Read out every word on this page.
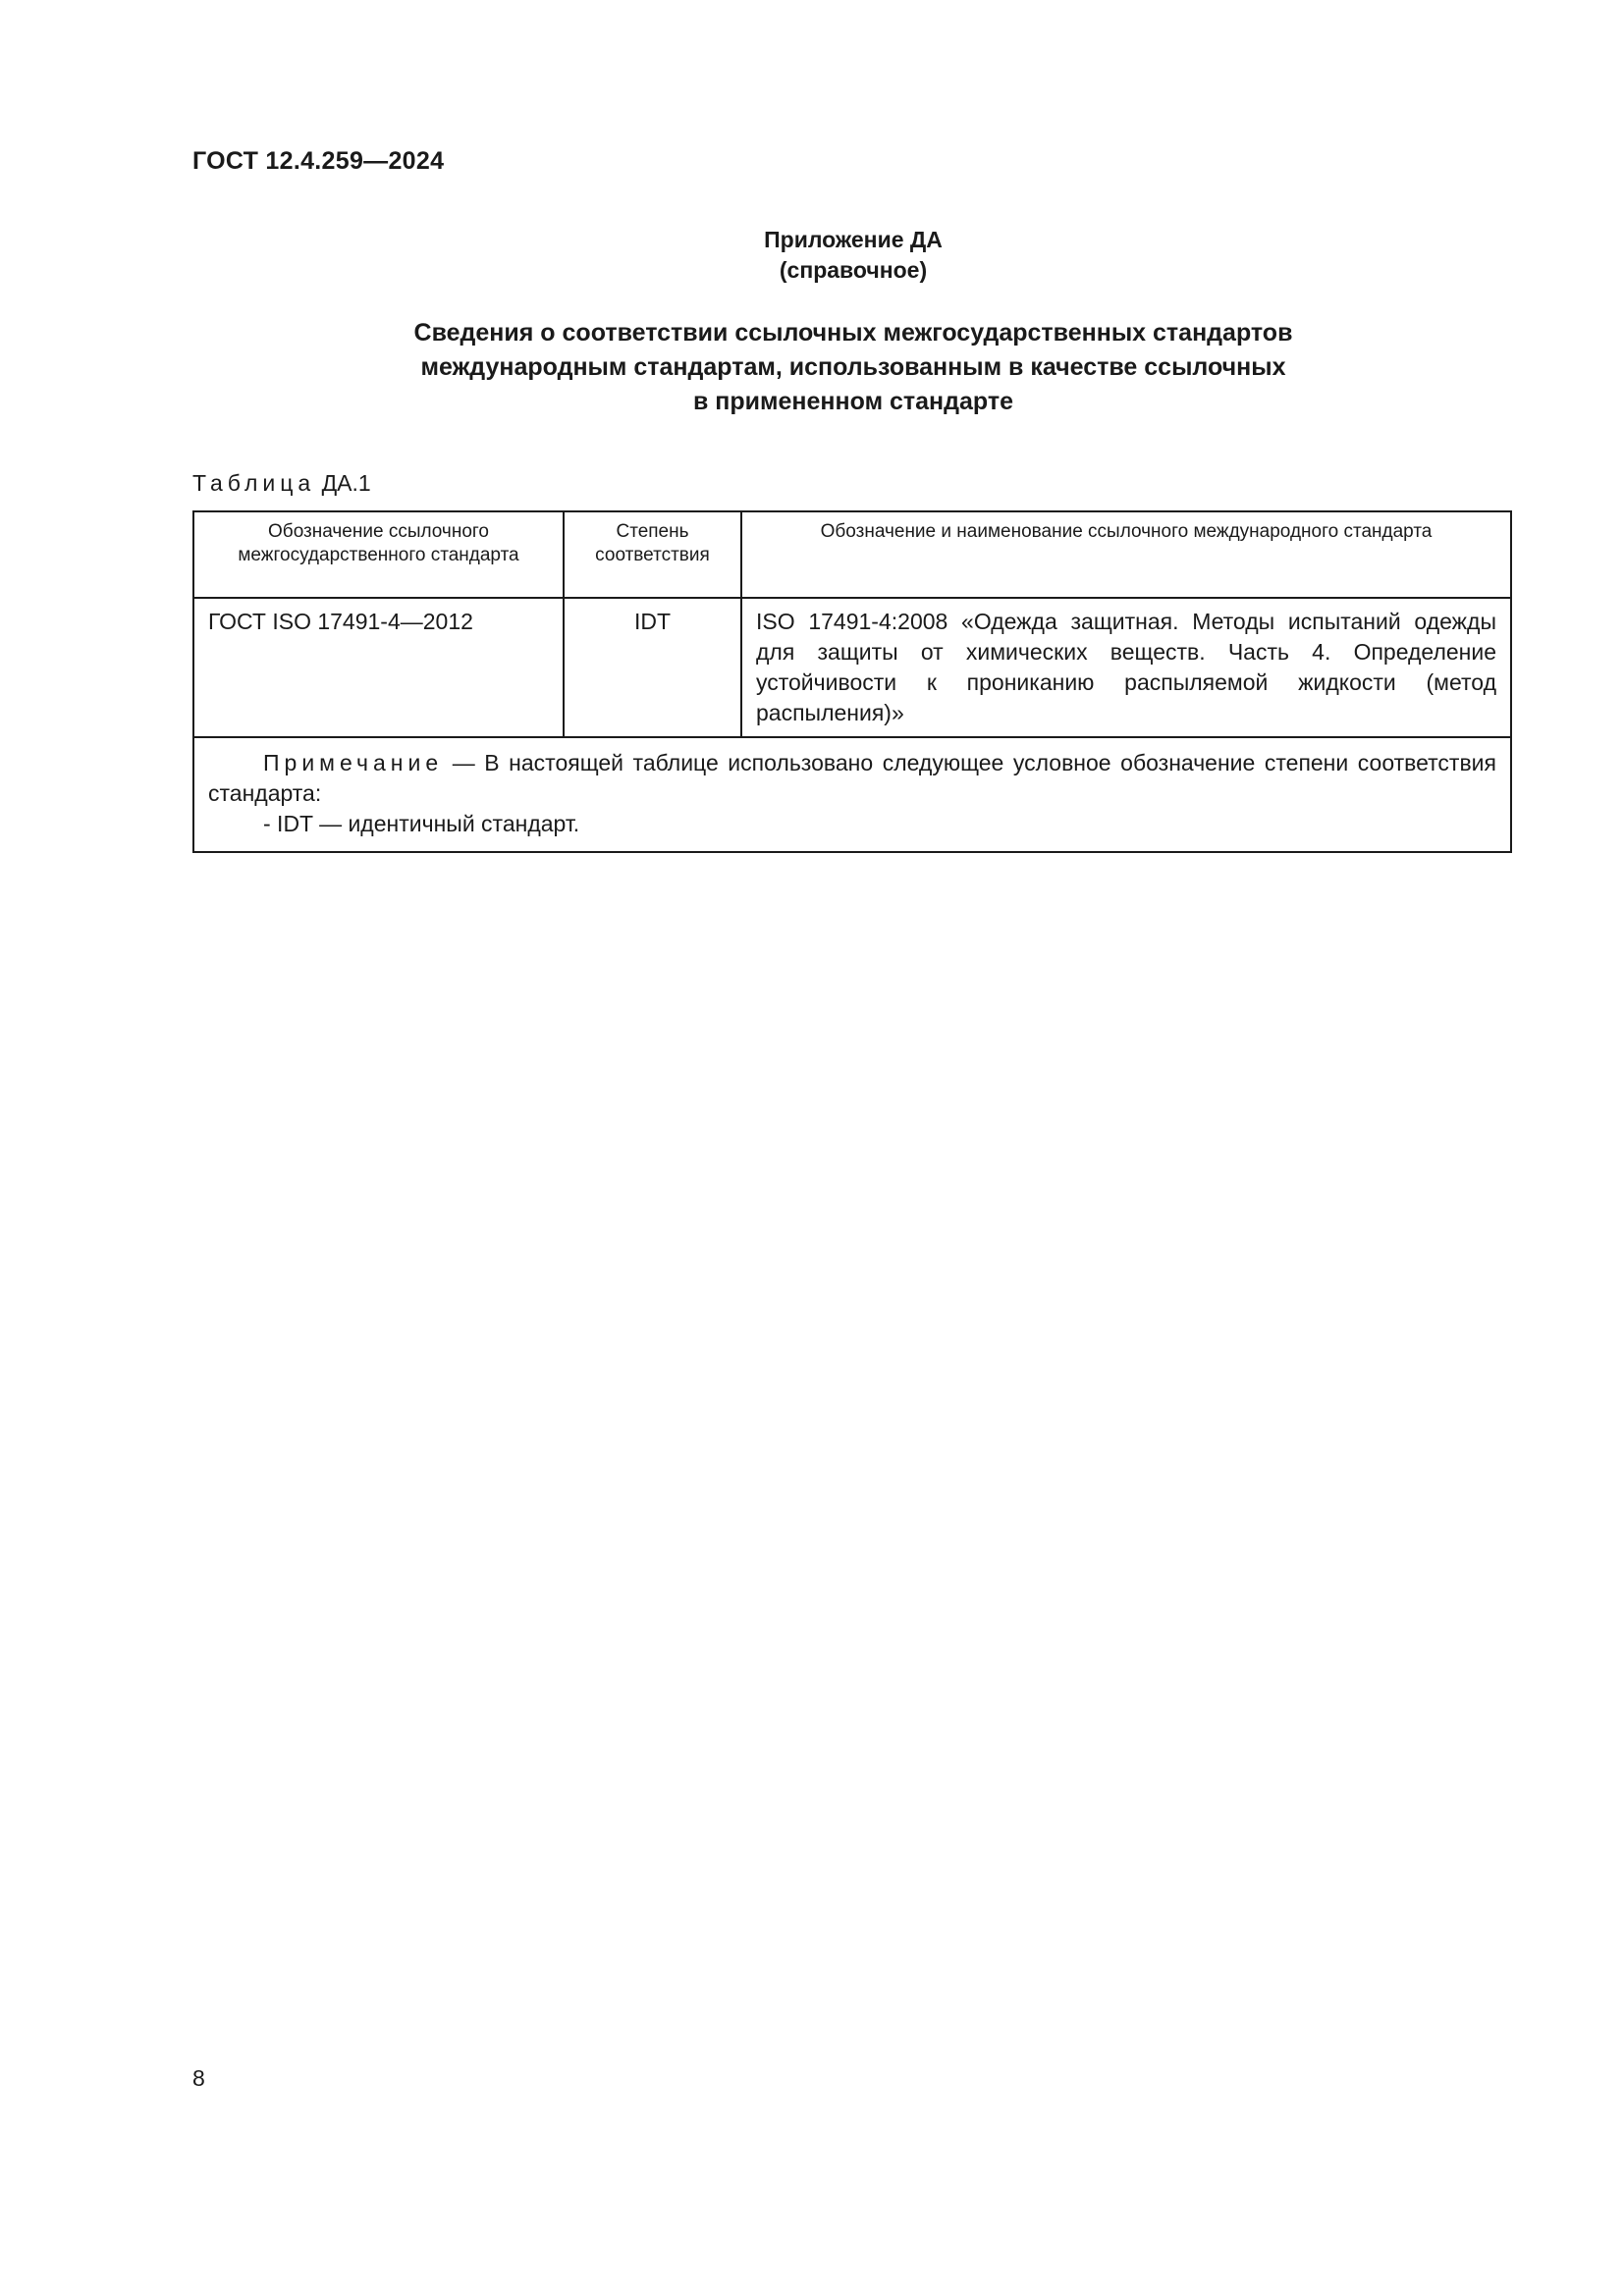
ГОСТ 12.4.259—2024
Приложение ДА
(справочное)
Сведения о соответствии ссылочных межгосударственных стандартов
международным стандартам, использованным в качестве ссылочных
в примененном стандарте
Таблица ДА.1
Обозначение ссылочного межгосударственного стандарта	Степень соответствия	Обозначение и наименование ссылочного международного стандарта
ГОСТ ISO 17491-4—2012	IDT	ISO 17491-4:2008 «Одежда защитная. Методы испытаний одежды для защиты от химических веществ. Часть 4. Определение устойчивости к прониканию распыляемой жидкости (метод распыления)»

Примечание — В настоящей таблице использовано следующее условное обозначение степени соответствия стандарта:
- IDT — идентичный стандарт.		
8
